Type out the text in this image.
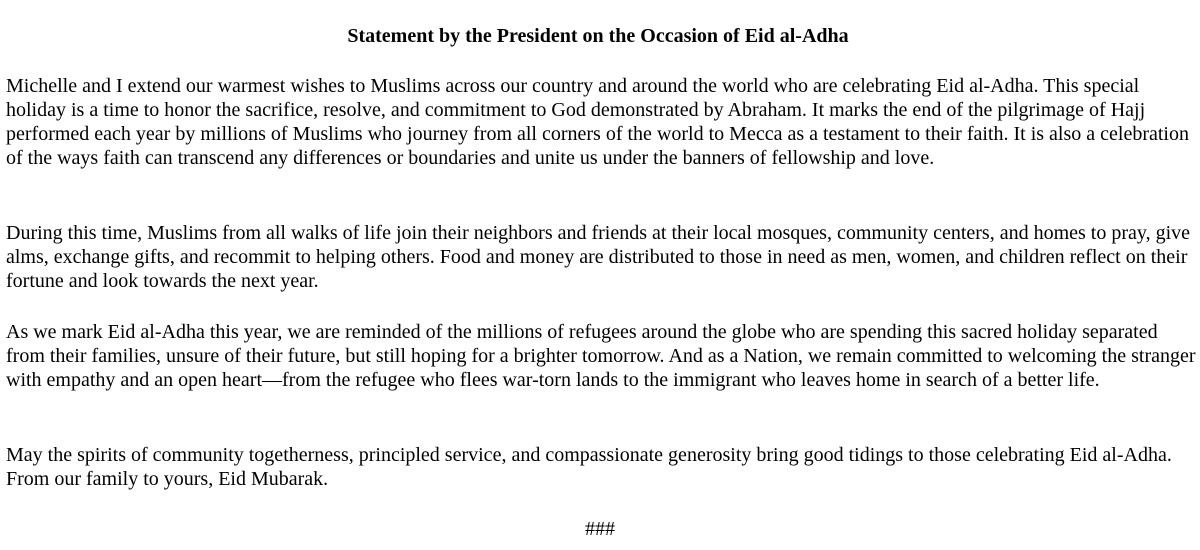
Statement by the President on the Occasion of Eid al-Adha

Michelle and I extend our warmest wishes to Muslims across our country and around the world who are celebrating Eid al-Adha. This special holiday is a time to honor the sacrifice, resolve, and commitment to God demonstrated by Abraham. It marks the end of the pilgrimage of Hajj performed each year by millions of Muslims who journey from all corners of the world to Mecca as a testament to their faith. It is also a celebration of the ways faith can transcend any differences or boundaries and unite us under the banners of fellowship and love.

During this time, Muslims from all walks of life join their neighbors and friends at their local mosques, community centers, and homes to pray, give alms, exchange gifts, and recommit to helping others. Food and money are distributed to those in need as men, women, and children reflect on their fortune and look towards the next year.

As we mark Eid al-Adha this year, we are reminded of the millions of refugees around the globe who are spending this sacred holiday separated from their families, unsure of their future, but still hoping for a brighter tomorrow. And as a Nation, we remain committed to welcoming the stranger with empathy and an open heart—from the refugee who flees war-torn lands to the immigrant who leaves home in search of a better life.

May the spirits of community togetherness, principled service, and compassionate generosity bring good tidings to those celebrating Eid al-Adha. From our family to yours, Eid Mubarak.

###
